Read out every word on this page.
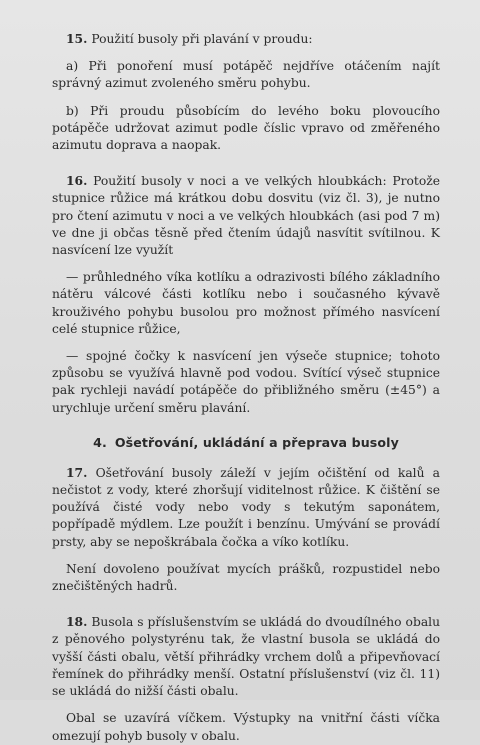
15. Použití busoly při plavání v proudu:

a) Při ponoření musí potápěč nejdříve otáčením najít správný azimut zvoleného směru pohybu.

b) Při proudu působícím do levého boku plovoucího potápěče udržovat azimut podle číslic vpravo od změřeného azimutu doprava a naopak.

16. Použití busoly v noci a ve velkých hloubkách: Protože stupnice růžice má krátkou dobu dosvitu (viz čl. 3), je nutno pro čtení azimutu v noci a ve velkých hloubkách (asi pod 7 m) ve dne ji občas těsně před čtením údajů nasvítit svítilnou. K nasvícení lze využít

— průhledného víka kotlíku a odrazivosti bílého základního nátěru válcové části kotlíku nebo i současného kývavě krouživého pohybu busolou pro možnost přímého nasvícení celé stupnice růžice,

— spojné čočky k nasvícení jen výseče stupnice; tohoto způsobu se využívá hlavně pod vodou. Svítící výseč stupnice pak rychleji navádí potápěče do přibližného směru (±45°) a urychluje určení směru plavání.

4. Ošetřování, ukládání a přeprava busoly

17. Ošetřování busoly záleží v jejím očištění od kalů a nečistot z vody, které zhoršují viditelnost růžice. K čištění se používá čisté vody nebo vody s tekutým saponátem, popřípadě mýdlem. Lze použít i benzínu. Umývání se provádí prsty, aby se nepoškrábala čočka a víko kotlíku.

Není dovoleno používat mycích prášků, rozpustidel nebo znečištěných hadrů.

18. Busola s příslušenstvím se ukládá do dvoudílného obalu z pěnového polystyrénu tak, že vlastní busola se ukládá do vyšší části obalu, větší přihrádky vrchem dolů a připevňovací řemínek do přihrádky menší. Ostatní příslušenství (viz čl. 11) se ukládá do nižší části obalu.

Obal se uzavírá víčkem. Výstupky na vnitřní části víčka omezují pohyb busoly v obalu.
